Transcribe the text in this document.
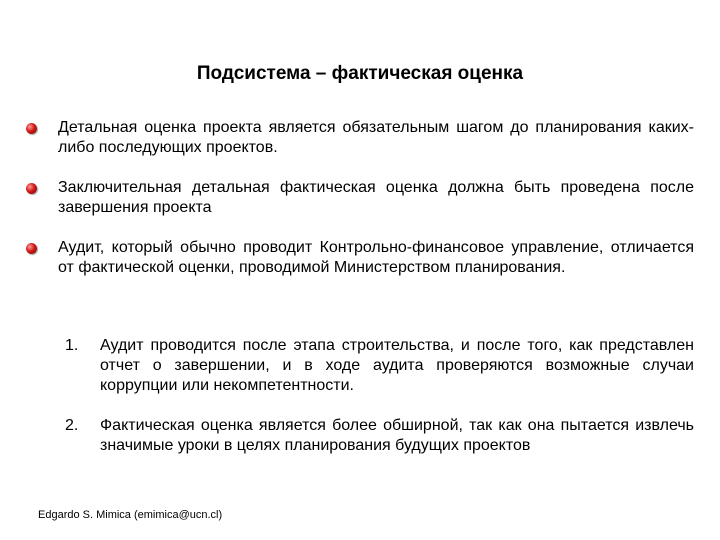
Подсистема – фактическая оценка
Детальная оценка проекта является обязательным шагом до планирования каких-либо последующих проектов.
Заключительная детальная фактическая оценка должна быть проведена после завершения проекта
Аудит, который обычно проводит Контрольно-финансовое управление, отличается от фактической оценки, проводимой Министерством планирования.
1. Аудит проводится после этапа строительства, и после того, как представлен отчет о завершении, и в ходе аудита проверяются возможные случаи коррупции или некомпетентности.
2. Фактическая оценка является более обширной, так как она пытается извлечь значимые уроки в целях планирования будущих проектов
Edgardo S. Mimica (emimica@ucn.cl)
